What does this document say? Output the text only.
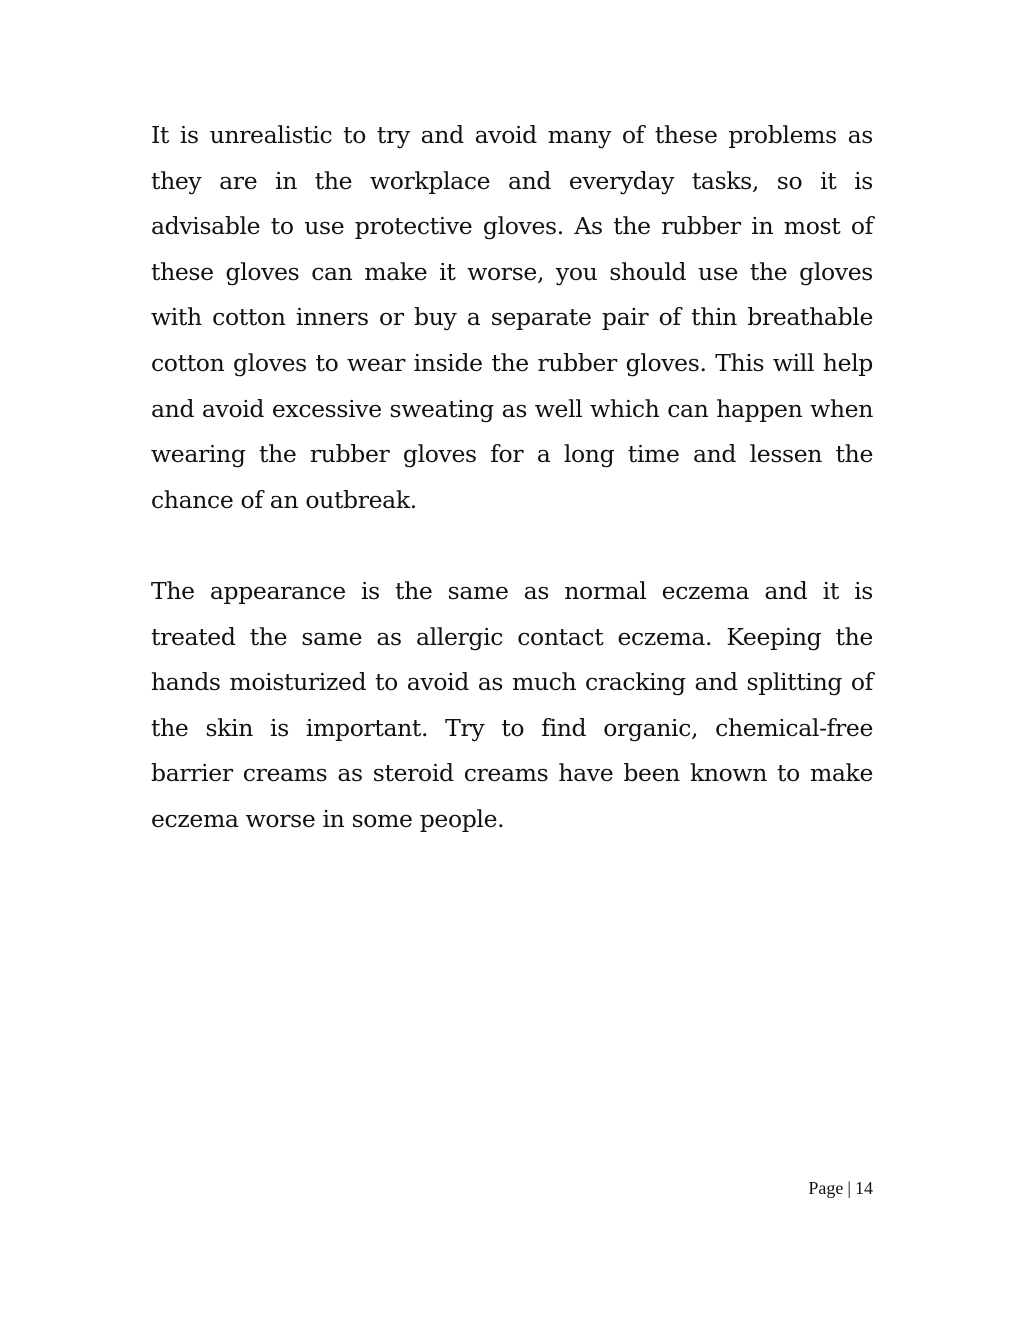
It is unrealistic to try and avoid many of these problems as they are in the workplace and everyday tasks, so it is advisable to use protective gloves. As the rubber in most of these gloves can make it worse, you should use the gloves with cotton inners or buy a separate pair of thin breathable cotton gloves to wear inside the rubber gloves. This will help and avoid excessive sweating as well which can happen when wearing the rubber gloves for a long time and lessen the chance of an outbreak.

The appearance is the same as normal eczema and it is treated the same as allergic contact eczema. Keeping the hands moisturized to avoid as much cracking and splitting of the skin is important. Try to find organic, chemical-free barrier creams as steroid creams have been known to make eczema worse in some people.

Page | 14
